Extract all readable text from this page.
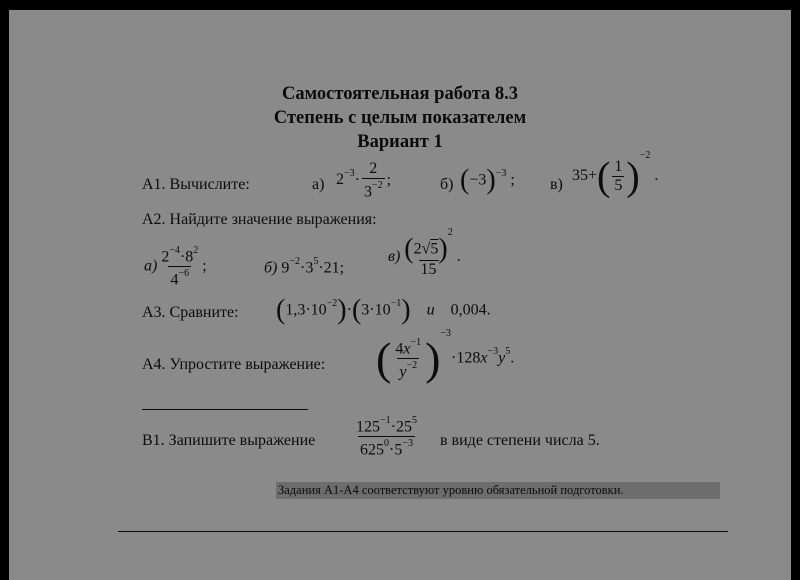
Самостоятельная работа 8.3
Степень с целым показателем
Вариант 1
А1. Вычислите:	а) $2^{-3}\cdot \frac{2}{3^{-2}}$ ;	б) $(-3)^{-3}$ ; в)
$35+( \frac{1}{5} )^{-2}$ .
А2. Найдите значение выражения:
$а) \frac{2^{-4}\cdot 8^2}{4^{-6}}$ ;	б) $9^{-2}\cdot 3^5\cdot 21$;
$в) \frac{(2√5)^2}{15}$ .
А3. Сравните: $(1,3\cdot 10^{-2})\cdot(3\cdot 10^{-1})$ и 0,004.
А4. Упростите выражение: ( $\frac{4x^{-1}}{y^{-2}} )^{-3}\cdot 128x^{-3}y^5$.
В1. Запишите выражение $\frac{125^{-1}\cdot 25^5}{625^0\cdot 5^{-3}}$ в виде степени числа 5.
Задания А1-А4 соответствуют уровню обязательной подготовки.
